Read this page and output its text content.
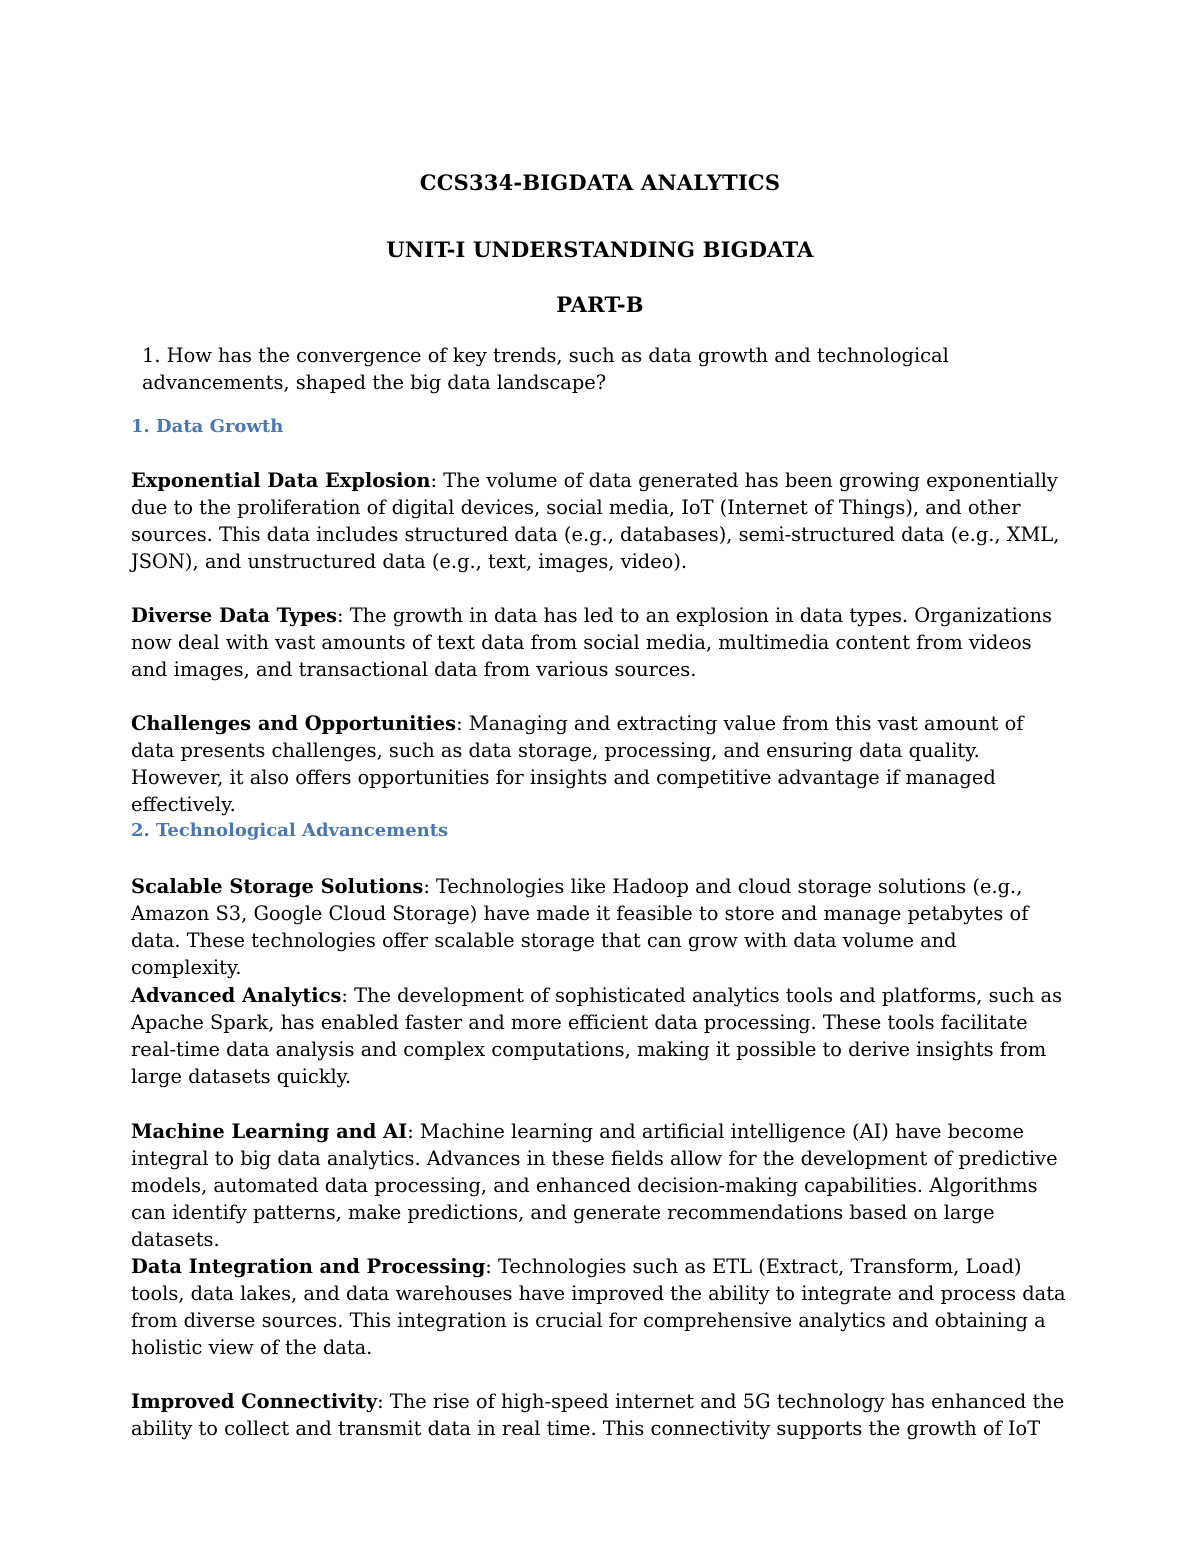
CCS334-BIGDATA ANALYTICS
UNIT-I UNDERSTANDING BIGDATA
PART-B
1. How has the convergence of key trends, such as data growth and technological advancements, shaped the big data landscape?
1. Data Growth
Exponential Data Explosion: The volume of data generated has been growing exponentially due to the proliferation of digital devices, social media, IoT (Internet of Things), and other sources. This data includes structured data (e.g., databases), semi-structured data (e.g., XML, JSON), and unstructured data (e.g., text, images, video).
Diverse Data Types: The growth in data has led to an explosion in data types. Organizations now deal with vast amounts of text data from social media, multimedia content from videos and images, and transactional data from various sources.
Challenges and Opportunities: Managing and extracting value from this vast amount of data presents challenges, such as data storage, processing, and ensuring data quality. However, it also offers opportunities for insights and competitive advantage if managed effectively.
2. Technological Advancements
Scalable Storage Solutions: Technologies like Hadoop and cloud storage solutions (e.g., Amazon S3, Google Cloud Storage) have made it feasible to store and manage petabytes of data. These technologies offer scalable storage that can grow with data volume and complexity.
Advanced Analytics: The development of sophisticated analytics tools and platforms, such as Apache Spark, has enabled faster and more efficient data processing. These tools facilitate real-time data analysis and complex computations, making it possible to derive insights from large datasets quickly.
Machine Learning and AI: Machine learning and artificial intelligence (AI) have become integral to big data analytics. Advances in these fields allow for the development of predictive models, automated data processing, and enhanced decision-making capabilities. Algorithms can identify patterns, make predictions, and generate recommendations based on large datasets.
Data Integration and Processing: Technologies such as ETL (Extract, Transform, Load) tools, data lakes, and data warehouses have improved the ability to integrate and process data from diverse sources. This integration is crucial for comprehensive analytics and obtaining a holistic view of the data.
Improved Connectivity: The rise of high-speed internet and 5G technology has enhanced the ability to collect and transmit data in real time. This connectivity supports the growth of IoT
